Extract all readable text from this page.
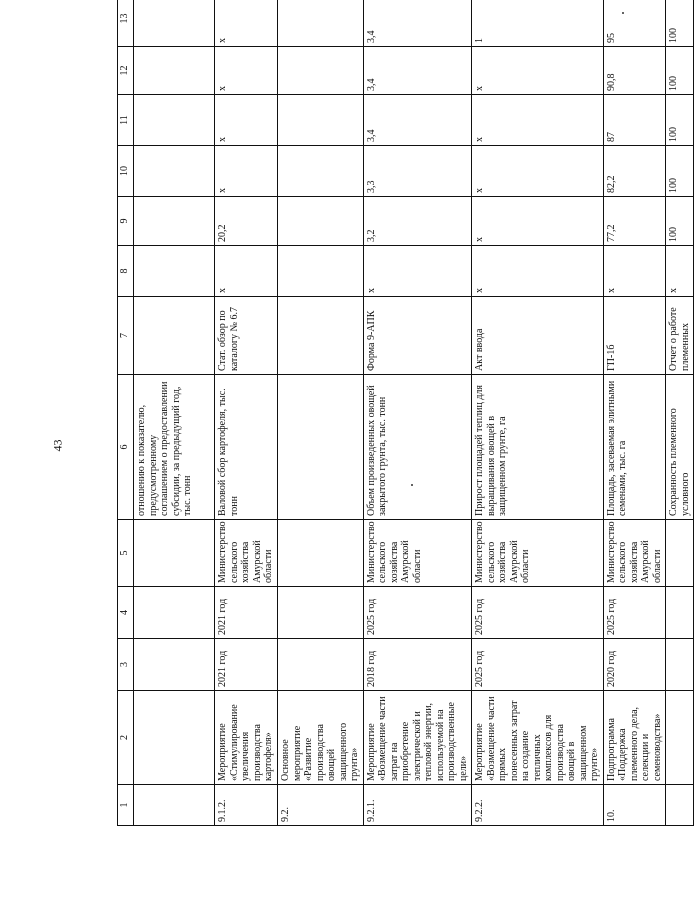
43
1	2	3	4	5	6	7	8	9	10	11	12	13
					отношению к показателю, предусмотренному соглашением о предоставлении субсидии, за предыдущий год, тыс. тонн							
9.1.2.	Мероприятие «Стимулирование увеличения производства картофеля»	2021 год	2021 год	Министерство сельского хозяйства Амурской области	Валовой сбор картофеля, тыс. тонн	Стат. обзор по каталогу № 6.7	x	20,2	x	x	x	x
9.2.	Основное мероприятие «Развитие производства овощей защищенного грунта»											
9.2.1.	Мероприятие «Возмещение части затрат на приобретение электрической и тепловой энергии, используемой на производственные цели»	2018 год	2025 год	Министерство сельского хозяйства Амурской области	Объем произведенных овощей закрытого грунта, тыс. тонн	Форма 9-АПК	x	3,2	3,3	3,4	3,4	3,4
9.2.2.	Мероприятие «Возмещение части прямых понесенных затрат на создание тепличных комплексов для производства овощей в защищенном грунте»	2025 год	2025 год	Министерство сельского хозяйства Амурской области	Прирост площадей теплиц для выращивания овощей в защищенном грунте, га	Акт ввода	x	x	x	x	x	1
10.	Подпрограмма «Поддержка племенного дела, селекции и семеноводства»	2020 год	2025 год	Министерство сельского хозяйства Амурской области	Площадь, засеваемая элитными семенами, тыс. га	ГП-1б	x	77,2	82,2	87	90,8	95
					Сохранность племенного условного	Отчет о работе племенных	x	100	100	100	100	100
